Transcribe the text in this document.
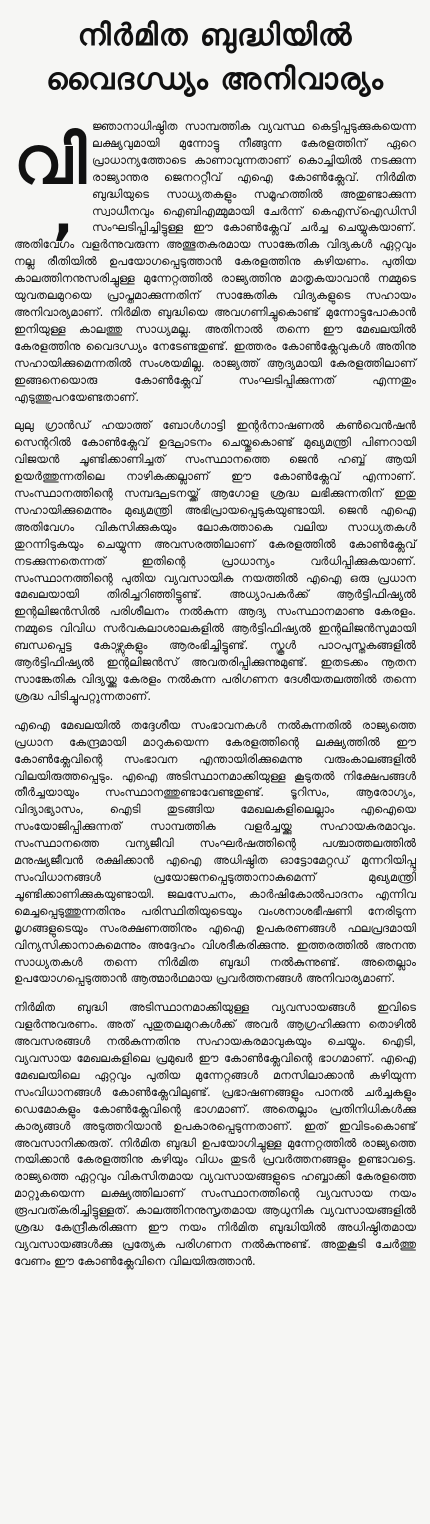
നിർമിത ബുദ്ധിയിൽ
വൈദഗ്ധ്യം അനിവാര്യം
വി
‚

ജ്ഞാനാധിഷ്ഠിത സാമ്പത്തിക വ്യവസ്ഥ കെട്ടിപ്പടുക്കുകയെന്ന ലക്ഷ്യവുമായി മുന്നോട്ടു നീങ്ങുന്ന കേരളത്തിന് ഏറെ പ്രാധാന്യത്തോടെ കാണാവുന്നതാണ് കൊച്ചിയിൽ നടക്കുന്ന രാജ്യാന്തര ജെനററ്റീവ് എഐ കോൺക്ലേവ്. നിർമിത ബുദ്ധിയുടെ സാധ്യതകളും സമൂഹത്തിൽ അതുണ്ടാക്കുന്ന സ്വാധീനവും ഐബിഎമ്മുമായി ചേർന്ന് കെഎസ്ഐഡിസി സംഘടിപ്പിച്ചിട്ടുള്ള ഈ കോൺക്ലേവ് ചർച്ച ചെയ്യുകയാണ്. അതിവേഗം വളർന്നുവരുന്ന അത്ഭുതകരമായ സാങ്കേതിക വിദ്യകൾ ഏറ്റവും നല്ല രീതിയിൽ ഉപയോഗപ്പെടുത്താൻ കേരളത്തിനു കഴിയണം. പുതിയ കാലത്തിനനുസരിച്ചുള്ള മുന്നേറ്റത്തിൽ രാജ്യത്തിനു മാതൃകയാവാൻ നമ്മുടെ യുവതലമുറയെ പ്രാപ്തമാക്കുന്നതിന് സാങ്കേതിക വിദ്യകളുടെ സഹായം അനിവാര്യമാണ്. നിർമിത ബുദ്ധിയെ അവഗണിച്ചുകൊണ്ട് മുന്നോട്ടുപോകാൻ ഇനിയുള്ള കാലത്തു സാധ്യമല്ല. അതിനാൽ തന്നെ ഈ മേഖലയിൽ കേരളത്തിനു വൈദഗ്ധ്യം നേടേണ്ടതുണ്ട്. ഇത്തരം കോൺക്ലേവുകൾ അതിനു സഹായിക്കുമെന്നതിൽ സംശയമില്ല. രാജ്യത്ത് ആദ്യമായി കേരളത്തിലാണ് ഇങ്ങനെയൊരു കോൺക്ലേവ് സംഘടിപ്പിക്കുന്നത് എന്നതും എടുത്തുപറയേണ്ടതാണ്.

ലുലു ഗ്രാൻഡ് ഹയാത്ത് ബോൾഗാട്ടി ഇന്റർനാഷണൽ കൺവെൻഷൻ സെന്ററിൽ കോൺക്ലേവ് ഉദ്ഘാടനം ചെയ്തുകൊണ്ട് മുഖ്യമന്ത്രി പിണറായി വിജയൻ ചൂണ്ടിക്കാണിച്ചത് സംസ്ഥാനത്തെ ജെൻ ഹബ്ബ് ആയി ഉയർത്തുന്നതിലെ നാഴികക്കല്ലാണ് ഈ കോൺക്ലേവ് എന്നാണ്. സംസ്ഥാനത്തിന്റെ സമ്പദ്ഘടനയ്ക്ക് ആഗോള ശ്രദ്ധ ലഭിക്കുന്നതിന് ഇതു സഹായിക്കുമെന്നും മുഖ്യമന്ത്രി അഭിപ്രായപ്പെടുകയുണ്ടായി. ജെൻ എഐ അതിവേഗം വികസിക്കുകയും ലോകത്താകെ വലിയ സാധ്യതകൾ തുറന്നിടുകയും ചെയ്യുന്ന അവസരത്തിലാണ് കേരളത്തിൽ കോൺക്ലേവ് നടക്കുന്നതെന്നത് ഇതിന്റെ പ്രാധാന്യം വർധിപ്പിക്കുകയാണ്. സംസ്ഥാനത്തിന്റെ പുതിയ വ്യവസായിക നയത്തിൽ എഐ ഒരു പ്രധാന മേഖലയായി തിരിച്ചറിഞ്ഞിട്ടുണ്ട്. അധ്യാപകർക്ക് ആർട്ടിഫിഷ്യൽ ഇന്റലിജൻസിൽ പരിശീലനം നൽകുന്ന ആദ്യ സംസ്ഥാനമാണു കേരളം. നമ്മുടെ വിവിധ സർവകലാശാലകളിൽ ആർട്ടിഫിഷ്യൽ ഇന്റലിജൻസുമായി ബന്ധപ്പെട്ട കോഴ്സുകളും ആരംഭിച്ചിട്ടുണ്ട്. സ്കൂൾ പാഠപുസ്തകങ്ങളിൽ ആർട്ടിഫിഷ്യൽ ഇന്റലിജൻസ് അവതരിപ്പിക്കുന്നുമുണ്ട്. ഇതടക്കം നൂതന സാങ്കേതിക വിദ്യയ്ക്കു കേരളം നൽകുന്ന പരിഗണന ദേശീയതലത്തിൽ തന്നെ ശ്രദ്ധ പിടിച്ചുപറ്റുന്നതാണ്.

എഐ മേഖലയിൽ തദ്ദേശീയ സംഭാവനകൾ നൽകുന്നതിൽ രാജ്യത്തെ പ്രധാന കേന്ദ്രമായി മാറുകയെന്ന കേരളത്തിന്റെ ലക്ഷ്യത്തിൽ ഈ കോൺക്ലേവിന്റെ സംഭാവന എന്തായിരിക്കുമെന്നു വരുംകാലങ്ങളിൽ വിലയിരുത്തപ്പെടും. എഐ അടിസ്ഥാനമാക്കിയുള്ള കൂടുതൽ നിക്ഷേപങ്ങൾ തീർച്ചയായും സംസ്ഥാനത്തുണ്ടാവേണ്ടതുണ്ട്. ടൂറിസം, ആരോഗ്യം, വിദ്യാഭ്യാസം, ഐടി തുടങ്ങിയ മേഖലകളിലെല്ലാം എഐയെ സംയോജിപ്പിക്കുന്നത് സാമ്പത്തിക വളർച്ചയ്ക്കു സഹായകരമാവും. സംസ്ഥാനത്തെ വന്യജീവി സംഘർഷത്തിന്റെ പശ്ചാത്തലത്തിൽ മനുഷ്യജീവൻ രക്ഷിക്കാൻ എഐ അധിഷ്ഠിത ഓട്ടോമേറ്റഡ് മുന്നറിയിപ്പു സംവിധാനങ്ങൾ പ്രയോജനപ്പെടുത്താനാകുമെന്ന് മുഖ്യമന്ത്രി ചൂണ്ടിക്കാണിക്കുകയുണ്ടായി. ജലസേചനം, കാർഷികോൽപാദനം എന്നിവ മെച്ചപ്പെടുത്തുന്നതിനും പരിസ്ഥിതിയുടെയും വംശനാശഭീഷണി നേരിടുന്ന മൃഗങ്ങളുടെയും സംരക്ഷണത്തിനും എഐ ഉപകരണങ്ങൾ ഫലപ്രദമായി വിന്യസിക്കാനാകുമെന്നും അദ്ദേഹം വിശദീകരിക്കുന്നു. ഇത്തരത്തിൽ അനന്ത സാധ്യതകൾ തന്നെ നിർമിത ബുദ്ധി നൽകുന്നുണ്ട്. അതെല്ലാം ഉപയോഗപ്പെടുത്താൻ ആത്മാർഥമായ പ്രവർത്തനങ്ങൾ അനിവാര്യമാണ്.

നിർമിത ബുദ്ധി അടിസ്ഥാനമാക്കിയുള്ള വ്യവസായങ്ങൾ ഇവിടെ വളർന്നുവരണം. അത് പുതുതലമുറകൾക്ക് അവർ ആഗ്രഹിക്കുന്ന തൊഴിൽ അവസരങ്ങൾ നൽകുന്നതിനു സഹായകരമാവുകയും ചെയ്യും. ഐടി, വ്യവസായ മേഖലകളിലെ പ്രമുഖർ ഈ കോൺക്ലേവിന്റെ ഭാഗമാണ്. എഐ മേഖലയിലെ ഏറ്റവും പുതിയ മുന്നേറ്റങ്ങൾ മനസിലാക്കാൻ കഴിയുന്ന സംവിധാനങ്ങൾ കോൺക്ലേവിലുണ്ട്. പ്രഭാഷണങ്ങളും പാനൽ ചർച്ചകളും ഡെമോകളും കോൺക്ലേവിന്റെ ഭാഗമാണ്. അതെല്ലാം പ്രതിനിധികൾക്കു കാര്യങ്ങൾ അടുത്തറിയാൻ ഉപകാരപ്പെടുന്നതാണ്. ഇത് ഇവിടംകൊണ്ട് അവസാനിക്കരുത്. നിർമിത ബുദ്ധി ഉപയോഗിച്ചുള്ള മുന്നേറ്റത്തിൽ രാജ്യത്തെ നയിക്കാൻ കേരളത്തിനു കഴിയും വിധം തുടർ പ്രവർത്തനങ്ങളും ഉണ്ടാവട്ടെ. രാജ്യത്തെ ഏറ്റവും വികസിതമായ വ്യവസായങ്ങളുടെ ഹബ്ബാക്കി കേരളത്തെ മാറ്റുകയെന്ന ലക്ഷ്യത്തിലാണ് സംസ്ഥാനത്തിന്റെ വ്യവസായ നയം രൂപവത്കരിച്ചിട്ടുള്ളത്. കാലത്തിനനുസൃതമായ ആധുനിക വ്യവസായങ്ങളിൽ ശ്രദ്ധ കേന്ദ്രീകരിക്കുന്ന ഈ നയം നിർമിത ബുദ്ധിയിൽ അധിഷ്ഠിതമായ വ്യവസായങ്ങൾക്കു പ്രത്യേക പരിഗണന നൽകുന്നുണ്ട്. അതുകൂടി ചേർത്തു വേണം ഈ കോൺക്ലേവിനെ വിലയിരുത്താൻ.
